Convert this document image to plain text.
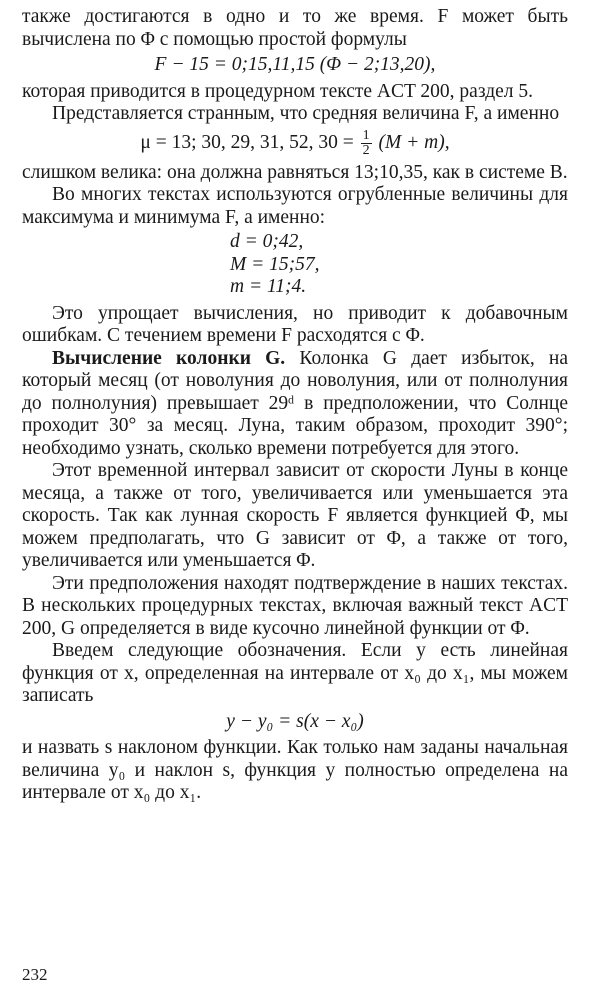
также достигаются в одно и то же время. F может быть вычислена по Φ с помощью простой формулы

F − 15 = 0;15,11,15 (Φ − 2;13,20),

которая приводится в процедурном тексте ACT 200, раздел 5.

Представляется странным, что средняя величина F, а именно

μ = 13; 30, 29, 31, 52, $30 = \frac{1}{2} (M + m)$,

слишком велика: она должна равняться 13;10,35, как в системе B.

Во многих текстах используются огрубленные величины для максимума и минимума F, а именно:

d = 0;42,
M = 15;57,
m = 11;4.

Это упрощает вычисления, но приводит к добавочным ошибкам. С течением времени F расходятся с Φ.

Вычисление колонки G. Колонка G дает избыток, на который месяц (от новолуния до новолуния, или от полнолуния до полнолуния) превышает 29ᵈ в предположении, что Солнце проходит 30° за месяц. Луна, таким образом, проходит 390°; необходимо узнать, сколько времени потребуется для этого.

Этот временной интервал зависит от скорости Луны в конце месяца, а также от того, увеличивается или уменьшается эта скорость. Так как лунная скорость F является функцией Φ, мы можем предполагать, что G зависит от Φ, а также от того, увеличивается или уменьшается Φ.

Эти предположения находят подтверждение в наших текстах. В нескольких процедурных текстах, включая важный текст ACT 200, G определяется в виде кусочно линейной функции от Φ.

Введем следующие обозначения. Если y есть линейная функция от x, определенная на интервале от x₀ до x₁, мы можем записать

y − y₀ = s(x − x₀)

и назвать s наклоном функции. Как только нам заданы начальная величина y₀ и наклон s, функция y полностью определена на интервале от x₀ до x₁.

232
